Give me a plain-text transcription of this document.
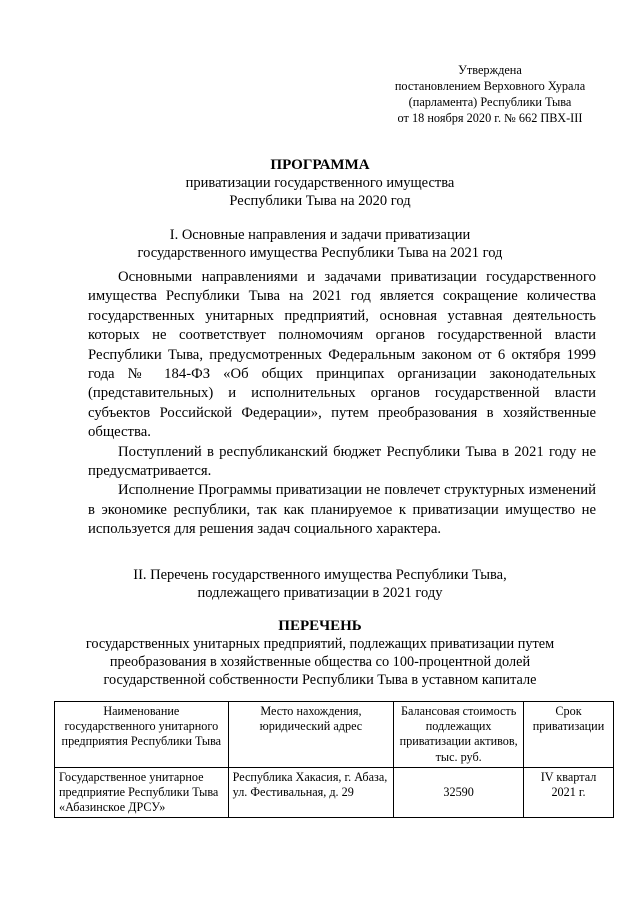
Утверждена
постановлением Верховного Хурала
(парламента) Республики Тыва
от 18 ноября 2020 г. № 662 ПВХ-III
ПРОГРАММА
приватизации государственного имущества
Республики Тыва на 2020 год
I. Основные направления и задачи приватизации
государственного имущества Республики Тыва на 2021 год

Основными направлениями и задачами приватизации государственного имущества Республики Тыва на 2021 год является сокращение количества государственных унитарных предприятий, основная уставная деятельность которых не соответствует полномочиям органов государственной власти Республики Тыва, предусмотренных Федеральным законом от 6 октября 1999 года № 184-ФЗ «Об общих принципах организации законодательных (представительных) и исполнительных органов государственной власти субъектов Российской Федерации», путем преобразования в хозяйственные общества.

Поступлений в республиканский бюджет Республики Тыва в 2021 году не предусматривается.

Исполнение Программы приватизации не повлечет структурных изменений в экономике республики, так как планируемое к приватизации имущество не используется для решения задач социального характера.

II. Перечень государственного имущества Республики Тыва,
подлежащего приватизации в 2021 году
ПЕРЕЧЕНЬ
государственных унитарных предприятий, подлежащих приватизации путем
преобразования в хозяйственные общества со 100-процентной долей
государственной собственности Республики Тыва в уставном капитале
Наименование государственного унитарного предприятия Республики Тыва	Место нахождения, юридический адрес	Балансовая стоимость подлежащих приватизации активов, тыс. руб.	Срок приватизации
Государственное унитарное предприятие Республики Тыва «Абазинское ДРСУ»	Республика Хакасия, г. Абаза, ул. Фестивальная, д. 29	32590	IV квартал 2021 г.
